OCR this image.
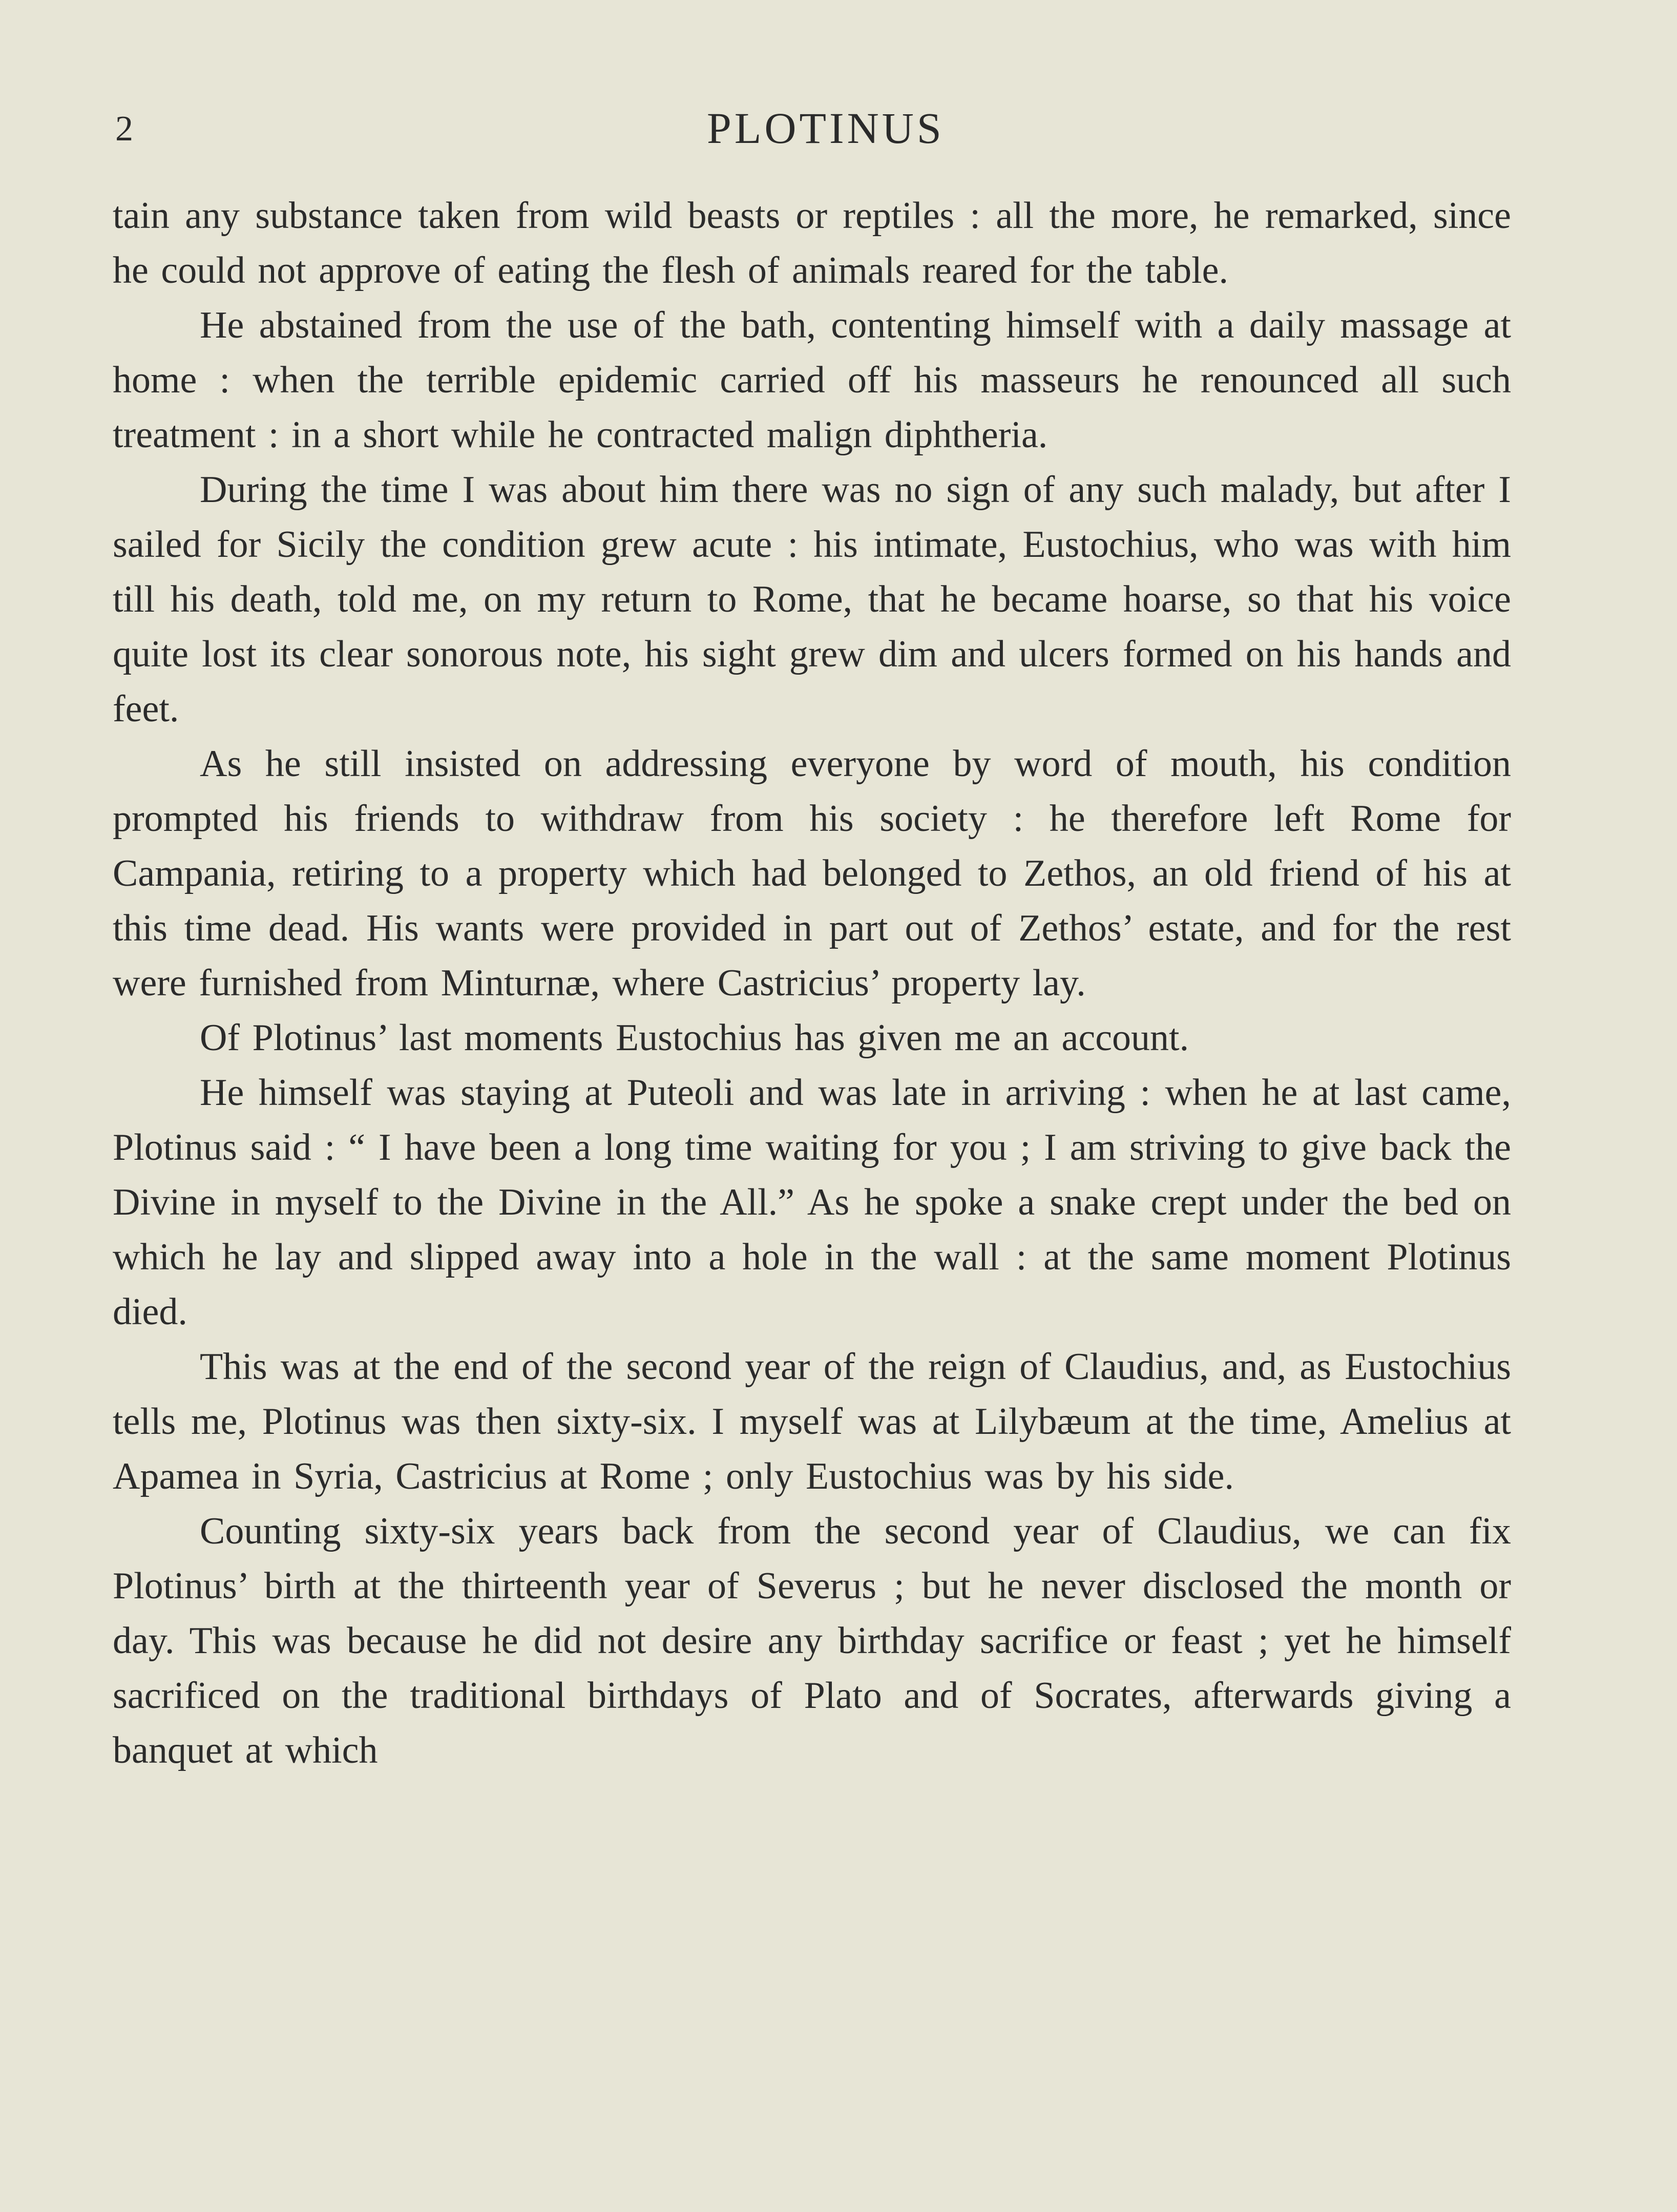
2	PLOTINUS

tain any substance taken from wild beasts or reptiles : all the more, he remarked, since he could not approve of eating the flesh of animals reared for the table.

He abstained from the use of the bath, contenting himself with a daily massage at home : when the terrible epidemic carried off his masseurs he renounced all such treatment : in a short while he contracted malign diphtheria.

During the time I was about him there was no sign of any such malady, but after I sailed for Sicily the condition grew acute : his intimate, Eustochius, who was with him till his death, told me, on my return to Rome, that he became hoarse, so that his voice quite lost its clear sonorous note, his sight grew dim and ulcers formed on his hands and feet.

As he still insisted on addressing everyone by word of mouth, his condition prompted his friends to withdraw from his society : he therefore left Rome for Campania, retiring to a property which had belonged to Zethos, an old friend of his at this time dead. His wants were provided in part out of Zethos’ estate, and for the rest were furnished from Minturnæ, where Castricius’ property lay.

Of Plotinus’ last moments Eustochius has given me an account.

He himself was staying at Puteoli and was late in arriving : when he at last came, Plotinus said : “ I have been a long time waiting for you ; I am striving to give back the Divine in myself to the Divine in the All.” As he spoke a snake crept under the bed on which he lay and slipped away into a hole in the wall : at the same moment Plotinus died.

This was at the end of the second year of the reign of Claudius, and, as Eustochius tells me, Plotinus was then sixty-six. I myself was at Lilybæum at the time, Amelius at Apamea in Syria, Castricius at Rome ; only Eustochius was by his side.

Counting sixty-six years back from the second year of Claudius, we can fix Plotinus’ birth at the thirteenth year of Severus ; but he never disclosed the month or day. This was because he did not desire any birthday sacrifice or feast ; yet he himself sacrificed on the traditional birthdays of Plato and of Socrates, afterwards giving a banquet at which
